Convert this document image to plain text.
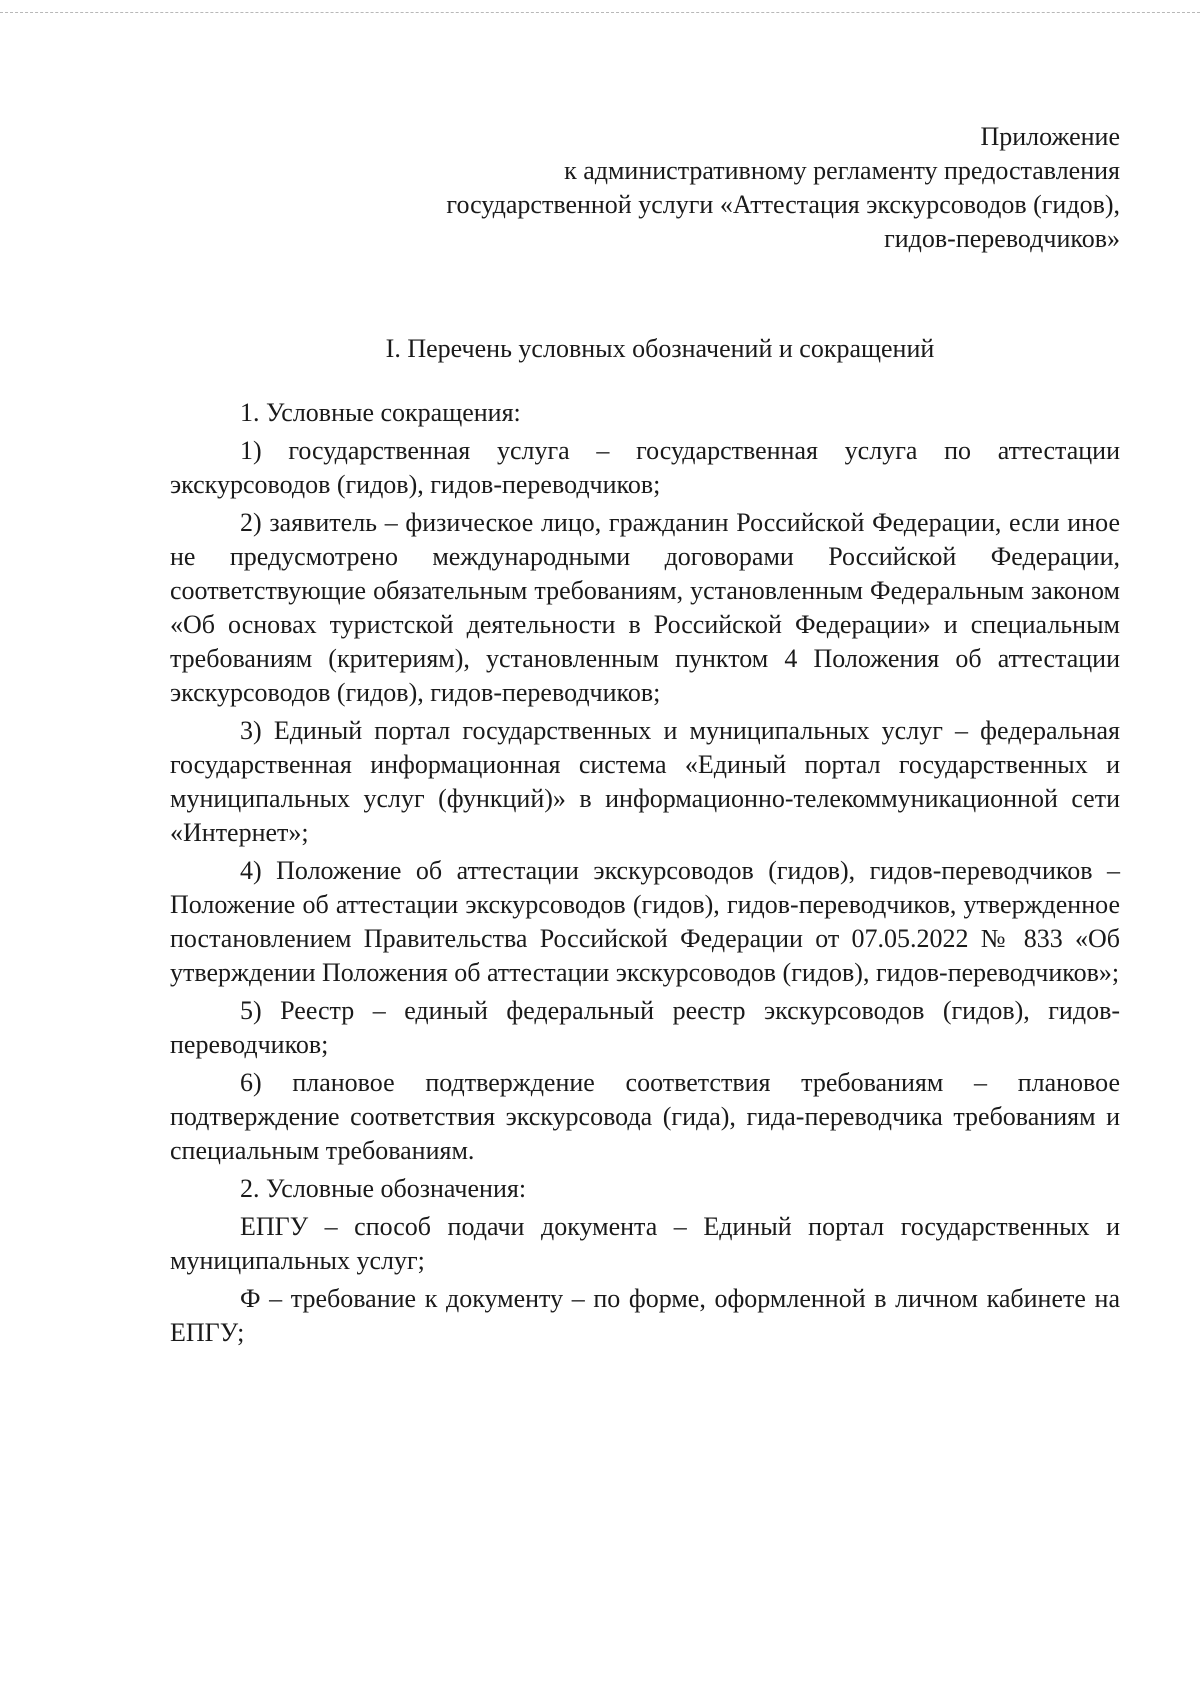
Приложение
к административному регламенту предоставления
государственной услуги «Аттестация экскурсоводов (гидов),
гидов-переводчиков»
I. Перечень условных обозначений и сокращений

1. Условные сокращения:

1) государственная услуга – государственная услуга по аттестации экскурсоводов (гидов), гидов-переводчиков;

2) заявитель – физическое лицо, гражданин Российской Федерации, если иное не предусмотрено международными договорами Российской Федерации, соответствующие обязательным требованиям, установленным Федеральным законом «Об основах туристской деятельности в Российской Федерации» и специальным требованиям (критериям), установленным пунктом 4 Положения об аттестации экскурсоводов (гидов), гидов-переводчиков;

3) Единый портал государственных и муниципальных услуг – федеральная государственная информационная система «Единый портал государственных и муниципальных услуг (функций)» в информационно-телекоммуникационной сети «Интернет»;

4) Положение об аттестации экскурсоводов (гидов), гидов-переводчиков – Положение об аттестации экскурсоводов (гидов), гидов-переводчиков, утвержденное постановлением Правительства Российской Федерации от 07.05.2022 № 833 «Об утверждении Положения об аттестации экскурсоводов (гидов), гидов-переводчиков»;

5) Реестр – единый федеральный реестр экскурсоводов (гидов), гидов-переводчиков;

6) плановое подтверждение соответствия требованиям – плановое подтверждение соответствия экскурсовода (гида), гида-переводчика требованиям и специальным требованиям.

2. Условные обозначения:

ЕПГУ – способ подачи документа – Единый портал государственных и муниципальных услуг;

Ф – требование к документу – по форме, оформленной в личном кабинете на ЕПГУ;
